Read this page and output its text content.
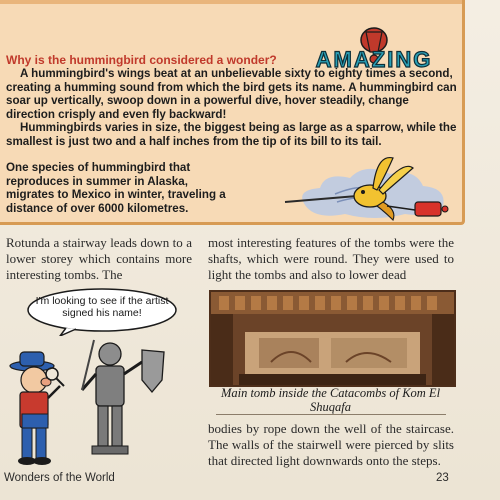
Why is the hummingbird considered a wonder?	AMAZING

A hummingbird's wings beat at an unbelievable sixty to eighty times a second, creating a humming sound from which the bird gets its name. A hummingbird can soar up vertically, swoop down in a powerful dive, hover steadily, change direction crisply and even fly backward!

Hummingbirds varies in size, the biggest being as large as a sparrow, while the smallest is just two and a half inches from the tip of its bill to its tail.

One species of hummingbird that reproduces in summer in Alaska, migrates to Mexico in winter, traveling a distance of over 6000 kilometres.

Rotunda a stairway leads down to a lower storey which contains more interesting tombs. The

most interesting features of the tombs were the shafts, which were round. They were used to light the tombs and also to lower dead

Main tomb inside the Catacombs of Kom El Shuqafa

bodies by rope down the well of the staircase. The walls of the stairwell were pierced by slits that directed light downwards onto the steps.

I'm looking to see if the artist signed his name!

Wonders of the World	23
